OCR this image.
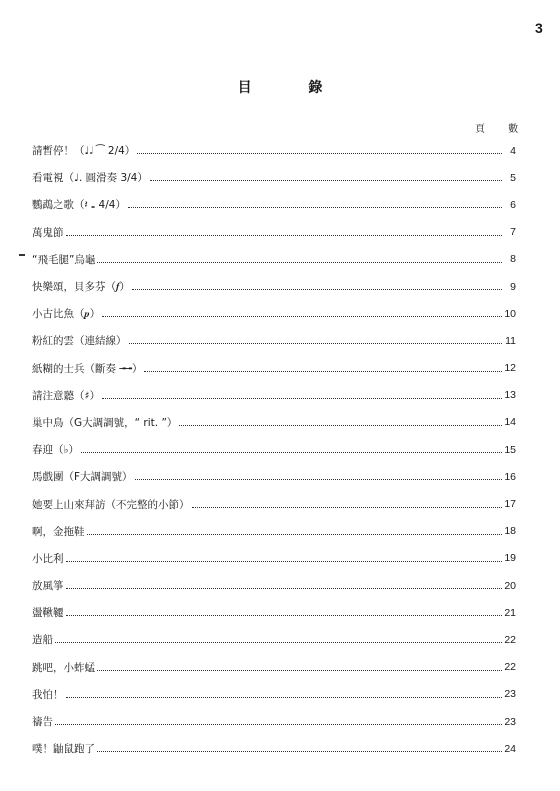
3
目 錄
頁 數
請暫停！（♩𝅗𝅥 ⁀ 2/4）	4
看電視（♩. 圓滑奏 3/4）	5
鸚鵡之歌（𝄽 𝅝 4/4）	6
萬鬼節	7
“飛毛腿”烏龜	8
快樂頌，貝多芬（𝆑）	9
小古比魚（𝆏）	10
粉紅的雲（連結線）	11
紙糊的士兵（斷奏 ╼╼）	12
請注意聽（♯）	13
巢中鳥（G大調調號，“ rit. ”）	14
春迎（♭）	15
馬戲團（F大調調號）	16
她要上山來拜訪（不完整的小節）	17
啊，金拖鞋	18
小比利	19
放風箏	20
盪鞦韆	21
造船	22
跳吧，小蚱蜢	22
我怕！	23
禱告	23
噗！鼬鼠跑了	24
